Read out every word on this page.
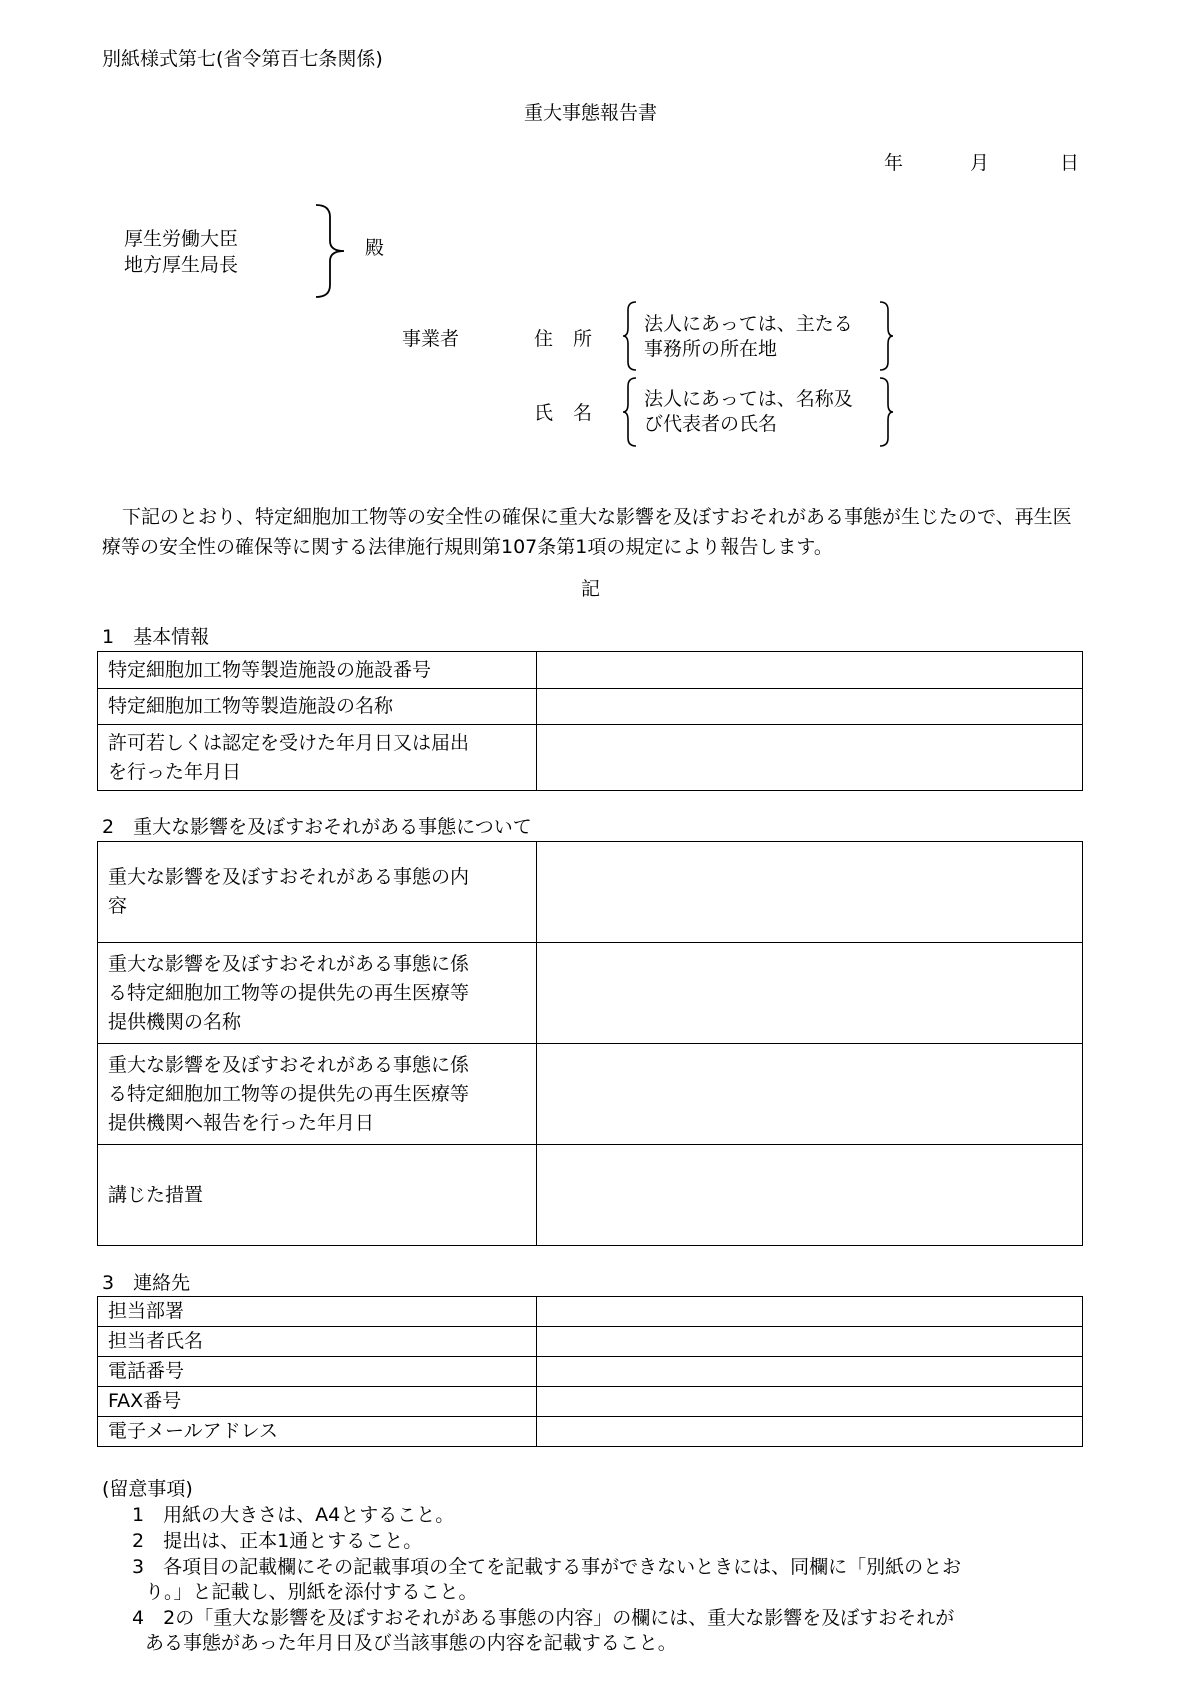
別紙様式第七(省令第百七条関係)
重大事態報告書
年	月	日
厚生労働大臣
地方厚生局長
殿
事業者	住所
氏名
法人にあっては、主たる
事務所の所在地
法人にあっては、名称及
び代表者の氏名
下記のとおり、特定細胞加工物等の安全性の確保に重大な影響を及ぼすおそれがある事態が生じたので、再生医療等の安全性の確保等に関する法律施行規則第107条第1項の規定により報告します。
記
1　基本情報
特定細胞加工物等製造施設の施設番号	
特定細胞加工物等製造施設の名称	

許可若しくは認定を受けた年月日又は届出
を行った年月日	

2　重大な影響を及ぼすおそれがある事態について
重大な影響を及ぼすおそれがある事態の内
容	

重大な影響を及ぼすおそれがある事態に係
る特定細胞加工物等の提供先の再生医療等
提供機関の名称	

重大な影響を及ぼすおそれがある事態に係
る特定細胞加工物等の提供先の再生医療等
提供機関へ報告を行った年月日	

講じた措置	
3　連絡先
担当部署	
担当者氏名	
電話番号	
FAX番号	
電子メールアドレス	
(留意事項)
1　 用紙の大きさは、A4とすること。
2　 提出は、正本1通とすること。
3　 各項目の記載欄にその記載事項の全てを記載する事ができないときには、同欄に「別紙のとお
り。」と記載し、別紙を添付すること。
4　 2の「重大な影響を及ぼすおそれがある事態の内容」の欄には、重大な影響を及ぼすおそれが
ある事態があった年月日及び当該事態の内容を記載すること。
